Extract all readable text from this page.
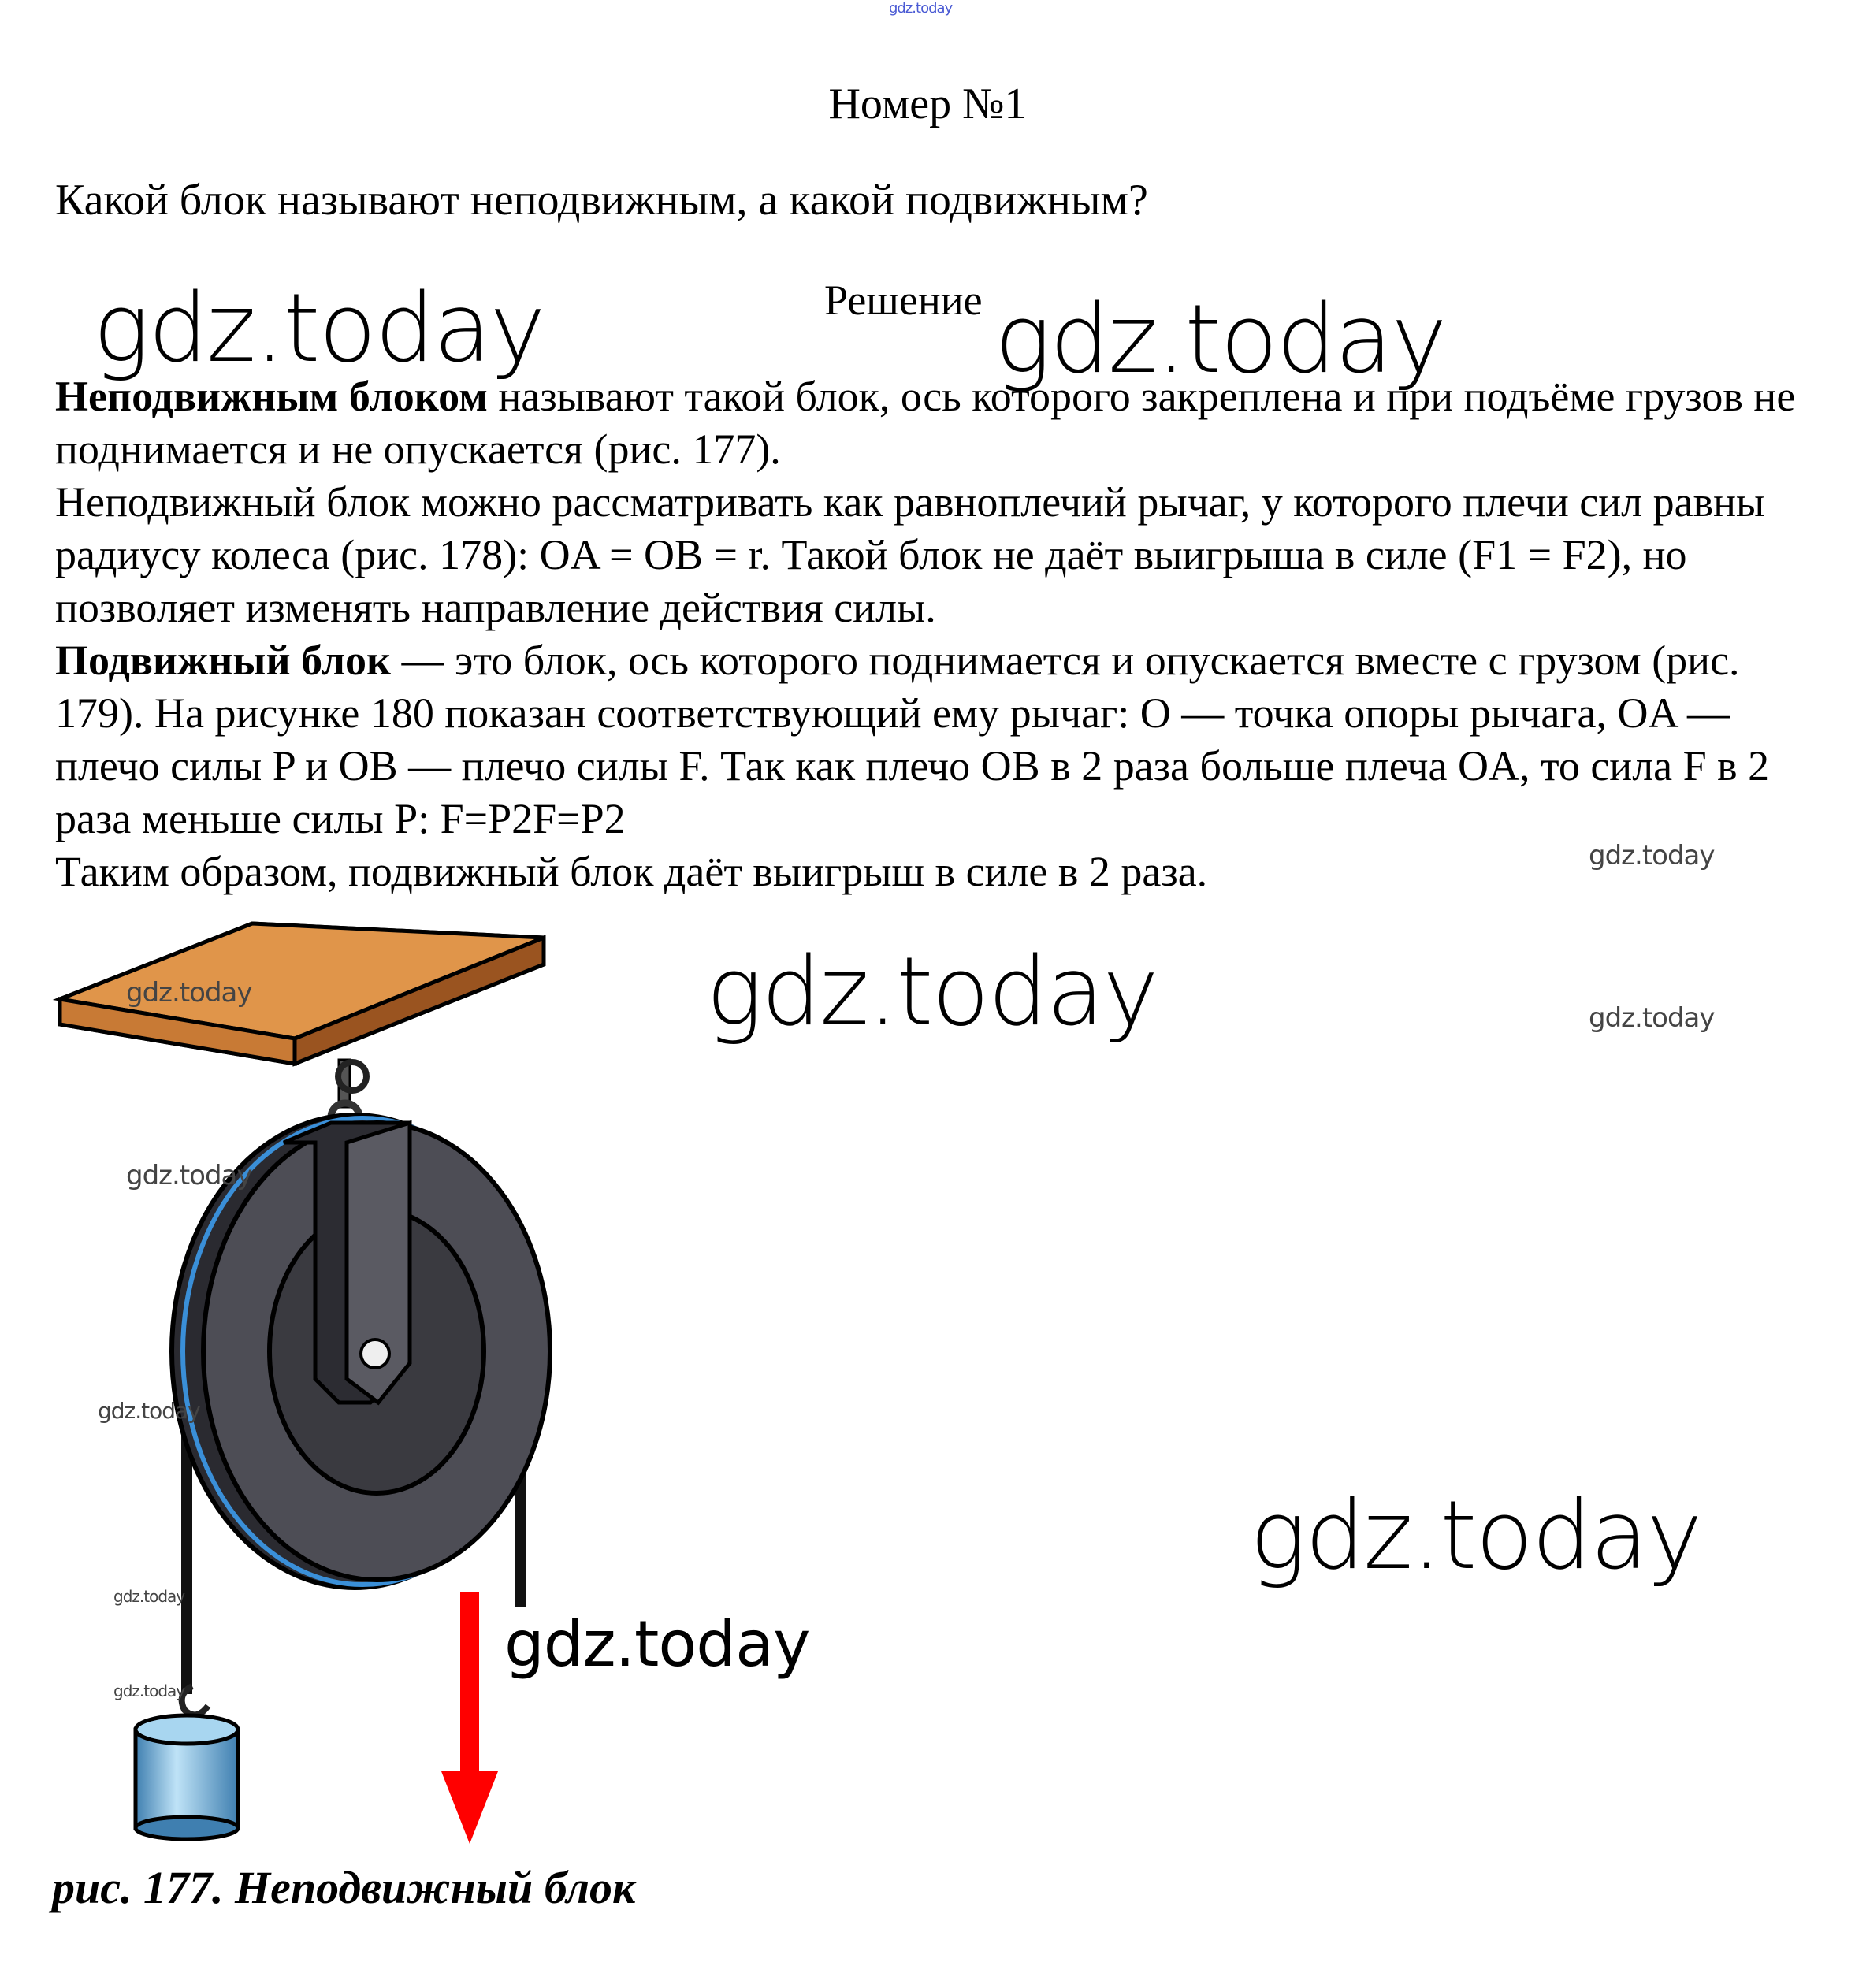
gdz.today
Номер №1
Какой блок называют неподвижным, а какой подвижным?
Решение

Неподвижным блоком называют такой блок, ось которого закреплена и при подъёме грузов не поднимается и не опускается (рис. 177).

Неподвижный блок можно рассматривать как равноплечий рычаг, у которого плечи сил равны радиусу колеса (рис. 178): OA = OB = r. Такой блок не даёт выигрыша в силе (F1 = F2), но позволяет изменять направление действия силы.

Подвижный блок — это блок, ось которого поднимается и опускается вместе с грузом (рис. 179). На рисунке 180 показан соответствующий ему рычаг: O — точка опоры рычага, OA — плечо силы P и OB — плечо силы F. Так как плечо OB в 2 раза больше плеча OA, то сила F в 2 раза меньше силы P: F=P2F=P2

Таким образом, подвижный блок даёт выигрыш в силе в 2 раза.

рис. 177. Неподвижный блок
gdz.today	gdz.today
gdz.today
gdz.today
gdz.today
gdz.today
gdz.today
gdz.today
gdz.today
gdz.today
gdz.today
gdz.today
